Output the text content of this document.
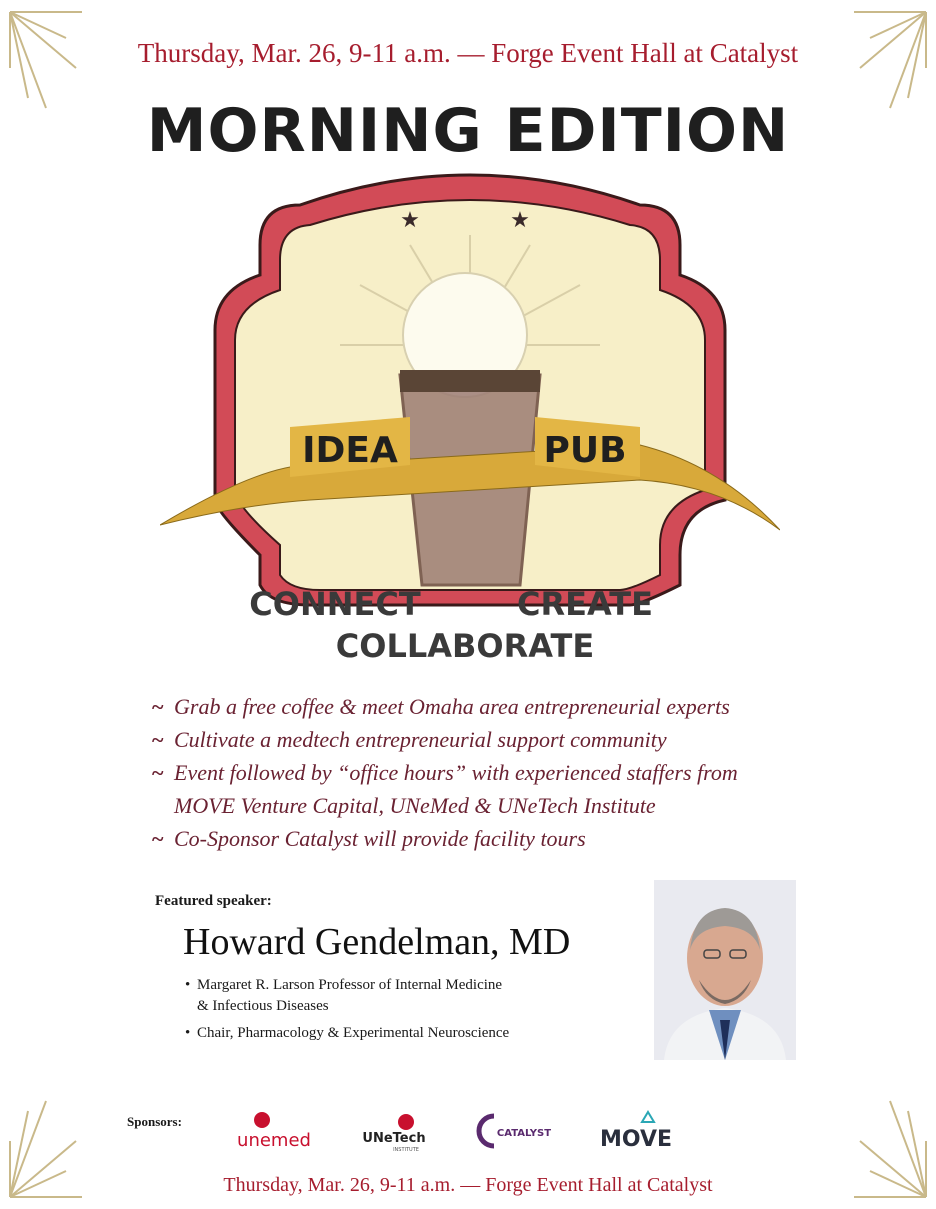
Thursday, Mar. 26, 9-11 a.m. — Forge Event Hall at Catalyst
MORNING EDITION
★	★
IDEA	PUB
CONNECT	CREATE
COLLABORATE
~ Grab a free coffee & meet Omaha area entrepreneurial experts
~ Cultivate a medtech entrepreneurial support community
~ Event followed by “office hours” with experienced staffers from
MOVE Venture Capital, UNeMed & UNeTech Institute
~ Co-Sponsor Catalyst will provide facility tours
Featured speaker:
Howard Gendelman, MD
• Margaret R. Larson Professor of Internal Medicine
& Infectious Diseases
• Chair, Pharmacology & Experimental Neuroscience
Sponsors:
unemed	UNeTech
INSTITUTE
CATALYST MOVE
Thursday, Mar. 26, 9-11 a.m. — Forge Event Hall at Catalyst
